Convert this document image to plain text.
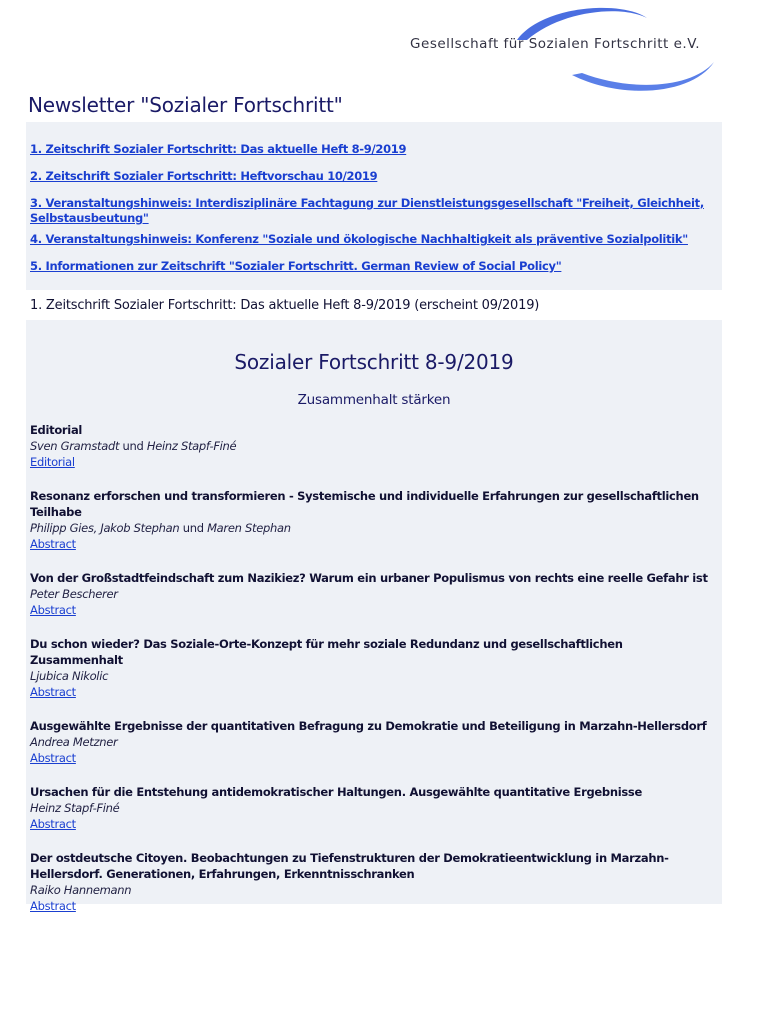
Gesellschaft für Sozialen Fortschritt e.V.
Newsletter "Sozialer Fortschritt"
1. Zeitschrift Sozialer Fortschritt: Das aktuelle Heft 8-9/2019
2. Zeitschrift Sozialer Fortschritt: Heftvorschau 10/2019
3. Veranstaltungshinweis: Interdisziplinäre Fachtagung zur Dienstleistungsgesellschaft "Freiheit, Gleichheit, Selbstausbeutung"
4. Veranstaltungshinweis: Konferenz "Soziale und ökologische Nachhaltigkeit als präventive Sozialpolitik"
5. Informationen zur Zeitschrift "Sozialer Fortschritt. German Review of Social Policy"
1. Zeitschrift Sozialer Fortschritt: Das aktuelle Heft 8-9/2019 (erscheint 09/2019)
Sozialer Fortschritt 8-9/2019
Zusammenhalt stärken
Editorial
Sven Gramstadt und Heinz Stapf-Finé
Editorial
Resonanz erforschen und transformieren - Systemische und individuelle Erfahrungen zur gesellschaftlichen Teilhabe
Philipp Gies, Jakob Stephan und Maren Stephan
Abstract
Von der Großstadtfeindschaft zum Nazikiez? Warum ein urbaner Populismus von rechts eine reelle Gefahr ist
Peter Bescherer
Abstract
Du schon wieder? Das Soziale-Orte-Konzept für mehr soziale Redundanz und gesellschaftlichen Zusammenhalt
Ljubica Nikolic
Abstract
Ausgewählte Ergebnisse der quantitativen Befragung zu Demokratie und Beteiligung in Marzahn-Hellersdorf
Andrea Metzner
Abstract
Ursachen für die Entstehung antidemokratischer Haltungen. Ausgewählte quantitative Ergebnisse
Heinz Stapf-Finé
Abstract
Der ostdeutsche Citoyen. Beobachtungen zu Tiefenstrukturen der Demokratieentwicklung in Marzahn-Hellersdorf. Generationen, Erfahrungen, Erkenntnisschranken
Raiko Hannemann
Abstract
